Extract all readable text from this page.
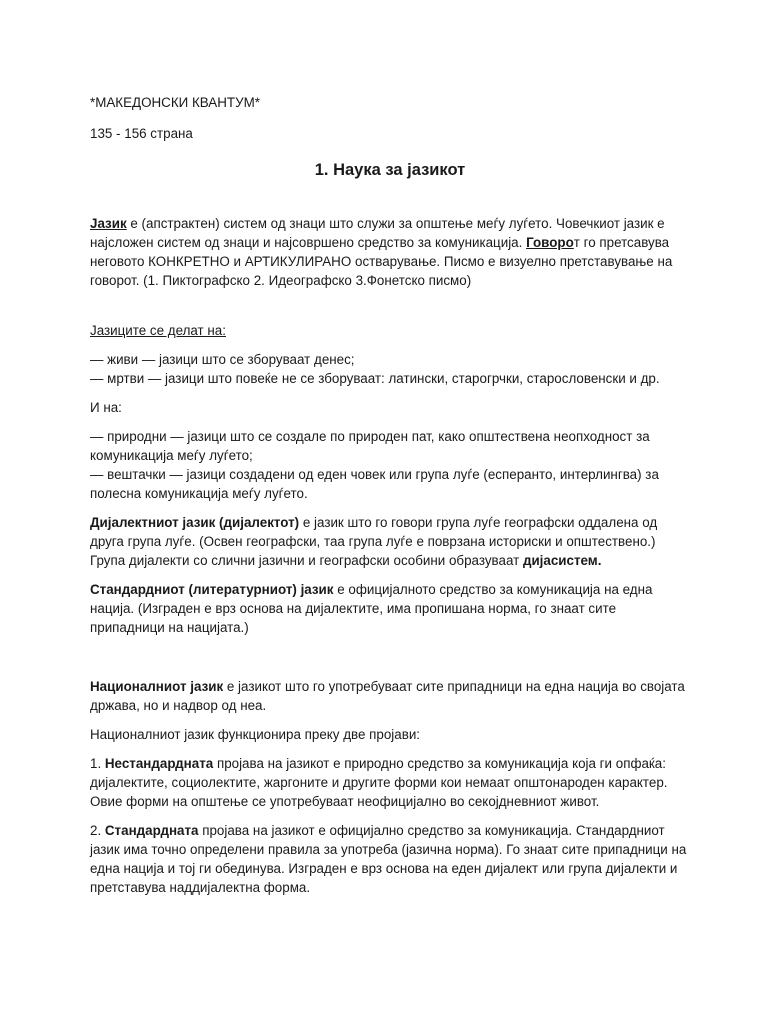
*МАКЕДОНСКИ КВАНТУМ*

135 - 156 страна

1. Наука за јазикот

Јазик е (апстрактен) систем од знаци што служи за општење меѓу луѓето. Човечкиот јазик е најсложен систем од знаци и најсовршено средство за комуникација. Говорот го претсавува неговото КОНКРЕТНО и АРТИКУЛИРАНО остварување. Писмо е визуелно претставување на говорот. (1. Пиктографско 2. Идеографско 3.Фонетско писмо)

Јазиците се делат на:

— живи — јазици што се зборуваат денес;
— мртви — јазици што повеќе не се зборуваат: латински, старогрчки, старословенски и др.

И на:

— природни — јазици што се создале по природен пат, како општествена неопходност за комуникација меѓу луѓето;
— вештачки — јазици создадени од еден човек или група луѓе (есперанто, интерлингва) за полесна комуникација меѓу луѓето.

Дијалектниот јазик (дијалектот) е јазик што го говори група луѓе географски оддалена од друга група луѓе. (Освен географски, таа група луѓе е поврзана историски и општествено.) Група дијалекти со слични јазични и географски особини образуваат дијасистем.

Стандардниот (литературниот) јазик е официјалното средство за комуникација на една нација. (Изграден е врз основа на дијалектите, има пропишана норма, го знаат сите припадници на нацијата.)

Националниот јазик е јазикот што го употребуваат сите припадници на една нација во својата држава, но и надвор од неа.

Националниот јазик функционира преку две пројави:

1. Нестандардната пројава на јазикот е природно средство за комуникација која ги опфаќа: дијалектите, социолектите, жаргоните и другите форми кои немаат општонароден карактер. Овие форми на општење се употребуваат неофицијално во секојдневниот живот.

2. Стандардната пројава на јазикот е официјално средство за комуникација. Стандардниот јазик има точно определени правила за употреба (јазична норма). Го знаат сите припадници на една нација и тој ги обединува. Изграден е врз основа на еден дијалект или група дијалекти и претставува наддијалектна форма.
